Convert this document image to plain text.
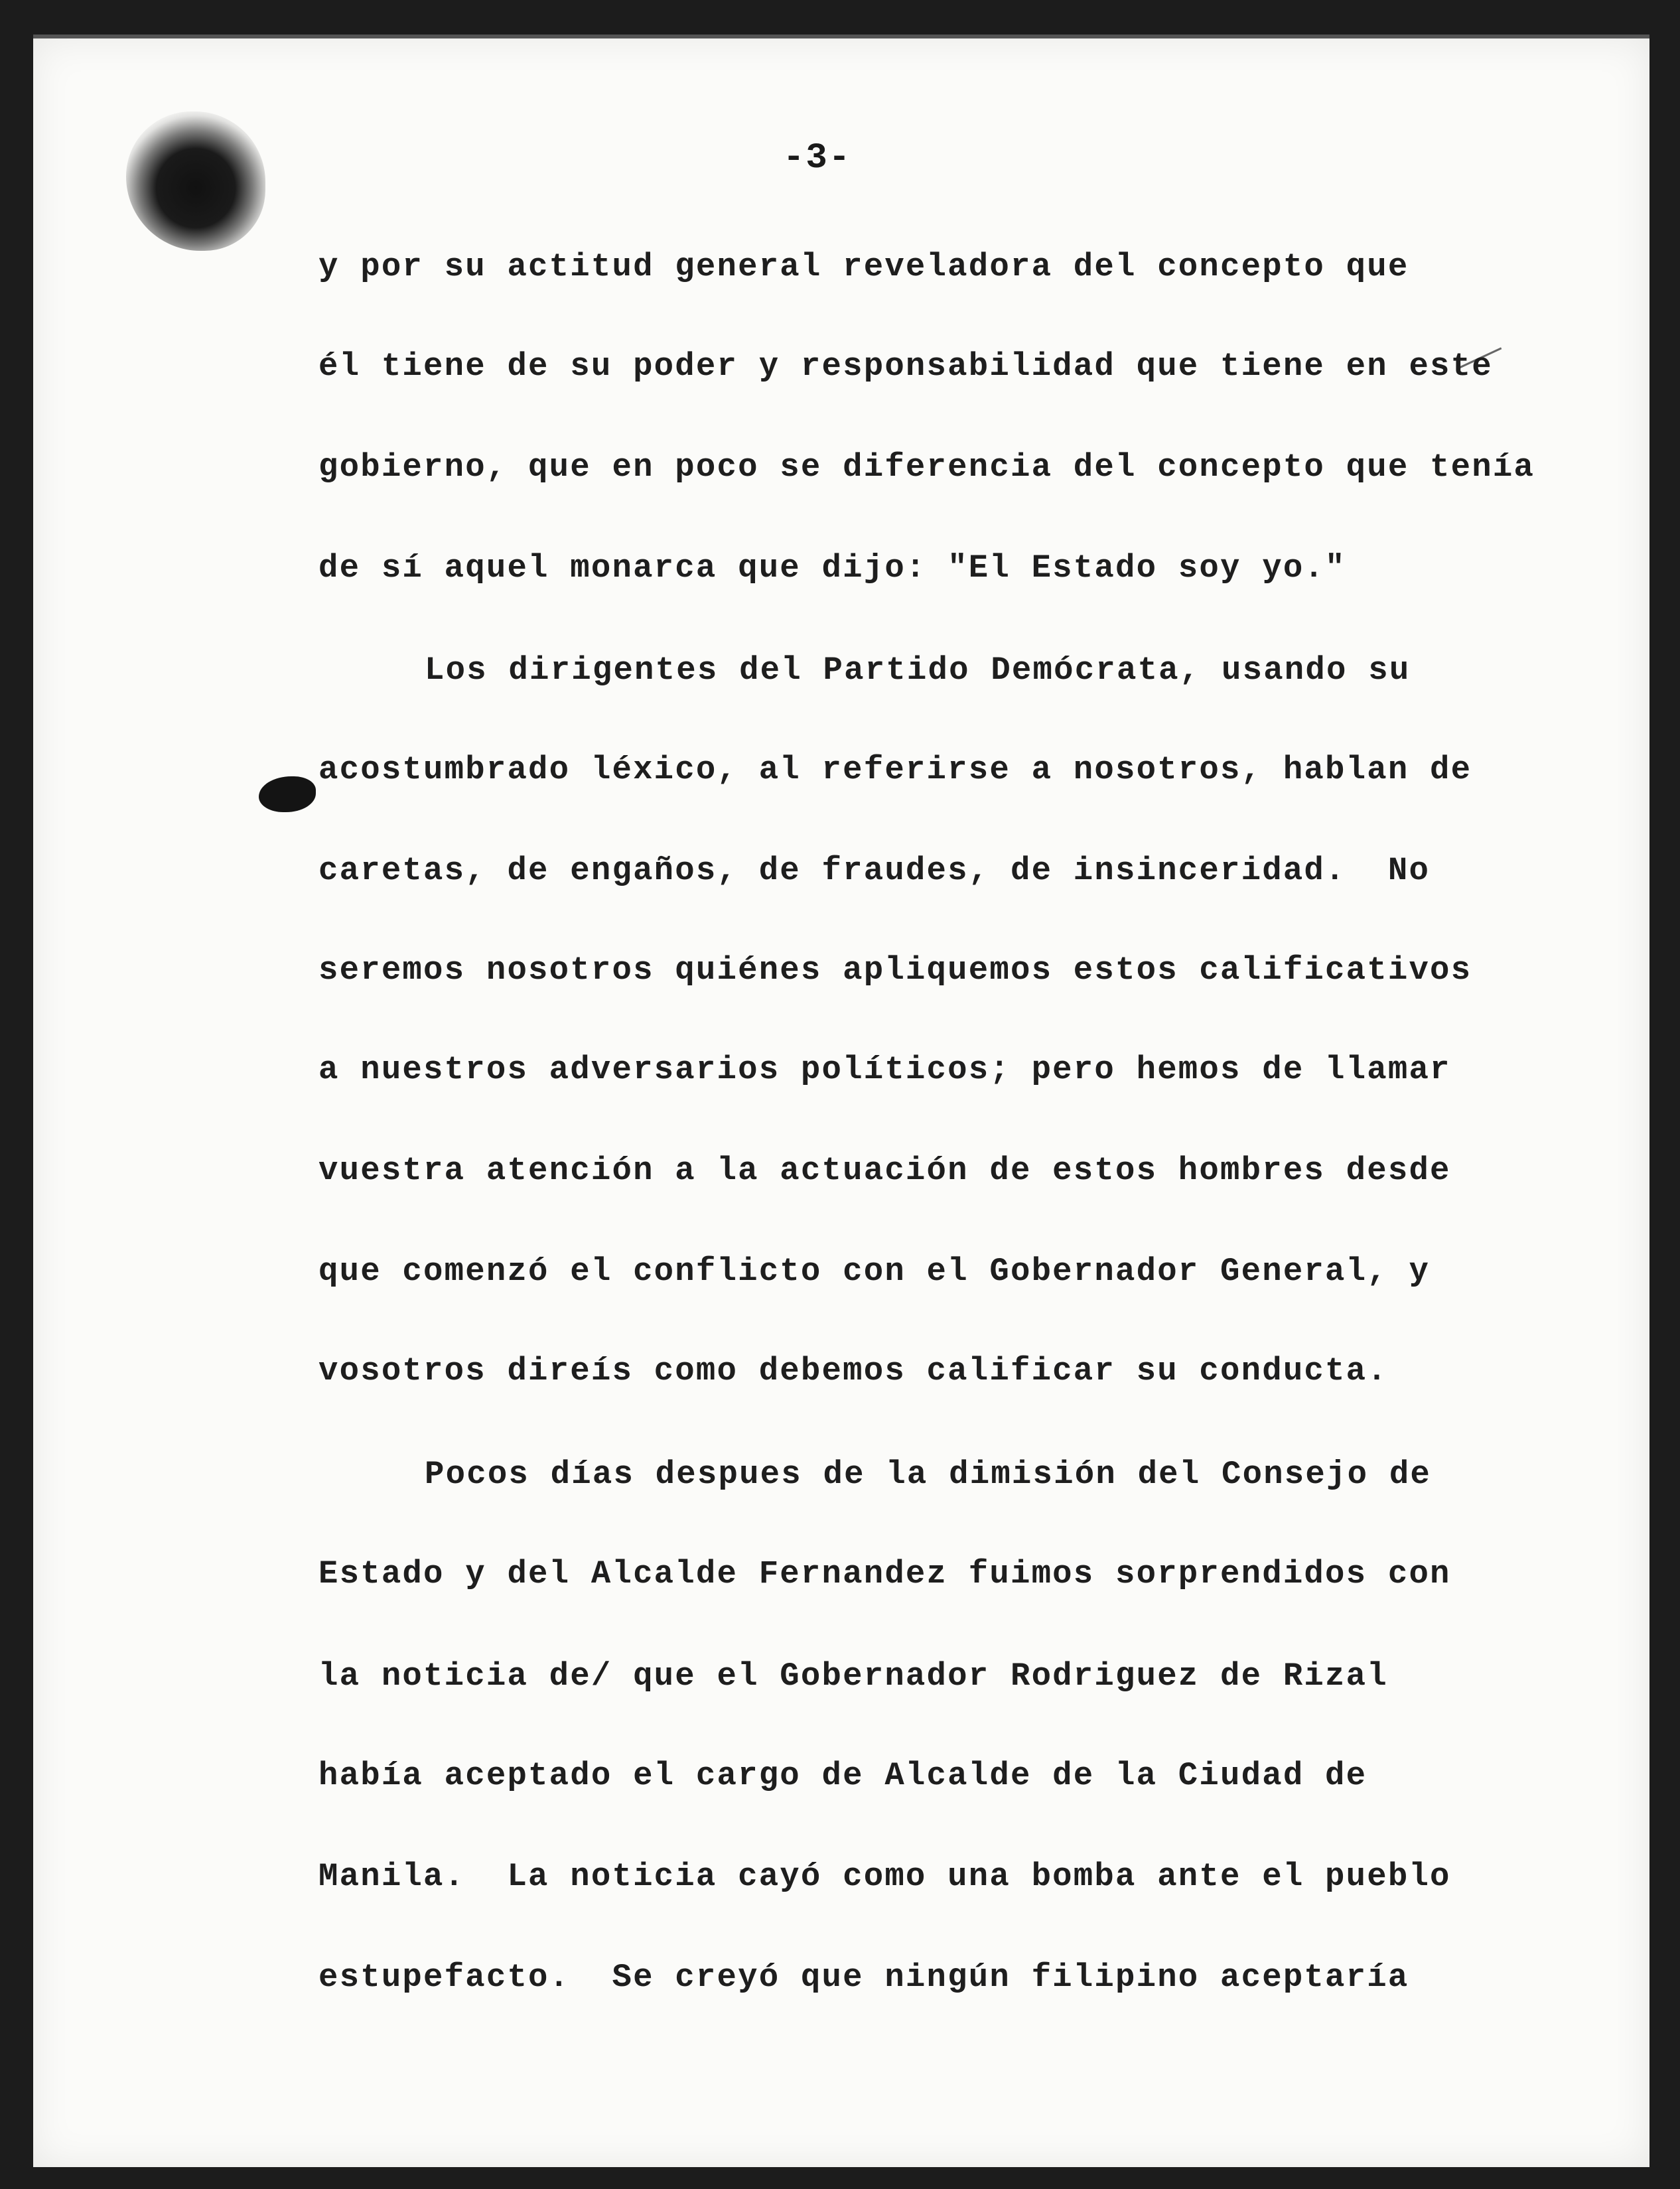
-3-
y por su actitud general reveladora del concepto que
él tiene de su poder y responsabilidad que tiene en este
gobierno, que en poco se diferencia del concepto que tenía
de sí aquel monarca que dijo: "El Estado soy yo."
Los dirigentes del Partido Demócrata, usando su
acostumbrado léxico, al referirse a nosotros, hablan de
caretas, de engaños, de fraudes, de insinceridad.  No
seremos nosotros quiénes apliquemos estos calificativos
a nuestros adversarios políticos; pero hemos de llamar
vuestra atención a la actuación de estos hombres desde
que comenzó el conflicto con el Gobernador General, y
vosotros direís como debemos calificar su conducta.
Pocos días despues de la dimisión del Consejo de
Estado y del Alcalde Fernandez fuimos sorprendidos con
la noticia de/ que el Gobernador Rodriguez de Rizal
había aceptado el cargo de Alcalde de la Ciudad de
Manila.  La noticia cayó como una bomba ante el pueblo
estupefacto.  Se creyó que ningún filipino aceptaría
